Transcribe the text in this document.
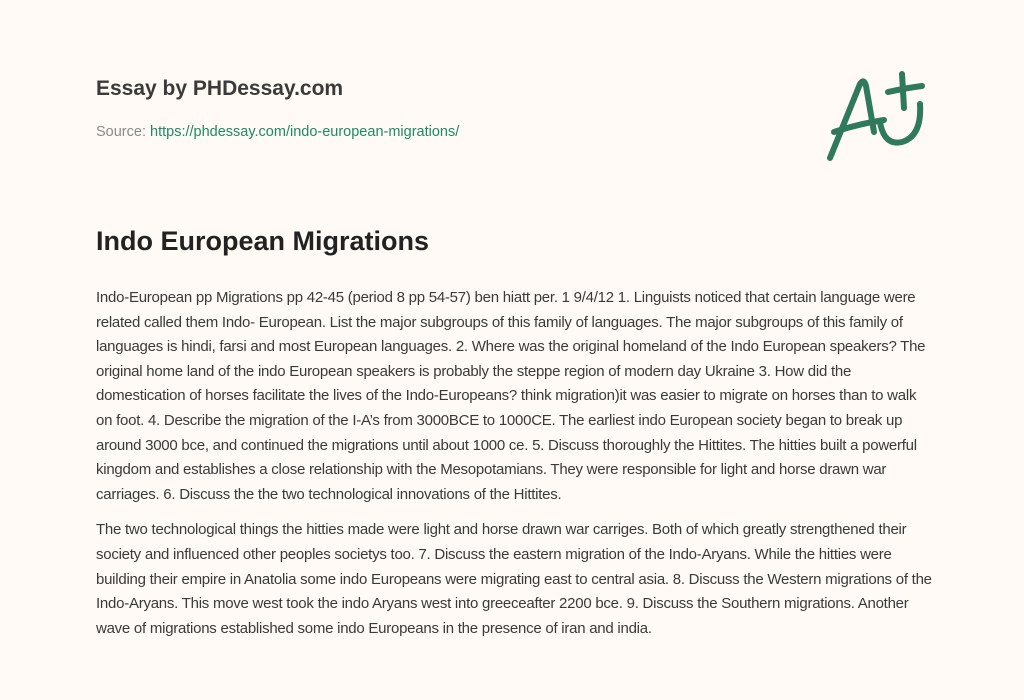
Essay by PHDessay.com
Source: https://phdessay.com/indo-european-migrations/
Indo European Migrations

Indo-European pp Migrations pp 42-45 (period 8 pp 54-57) ben hiatt per. 1 9/4/12 1. Linguists noticed that certain language were related called them Indo- European. List the major subgroups of this family of languages. The major subgroups of this family of languages is hindi, farsi and most European languages. 2. Where was the original homeland of the Indo European speakers? The original home land of the indo European speakers is probably the steppe region of modern day Ukraine 3. How did the domestication of horses facilitate the lives of the Indo-Europeans? think migration)it was easier to migrate on horses than to walk on foot. 4. Describe the migration of the I-A’s from 3000BCE to 1000CE. The earliest indo European society began to break up around 3000 bce, and continued the migrations until about 1000 ce. 5. Discuss thoroughly the Hittites. The hitties built a powerful kingdom and establishes a close relationship with the Mesopotamians. They were responsible for light and horse drawn war carriages. 6. Discuss the the two technological innovations of the Hittites.

The two technological things the hitties made were light and horse drawn war carriges. Both of which greatly strengthened their society and influenced other peoples societys too. 7. Discuss the eastern migration of the Indo-Aryans. While the hitties were building their empire in Anatolia some indo Europeans were migrating east to central asia. 8. Discuss the Western migrations of the Indo-Aryans. This move west took the indo Aryans west into greeceafter 2200 bce. 9. Discuss the Southern migrations. Another wave of migrations established some indo Europeans in the presence of iran and india.
